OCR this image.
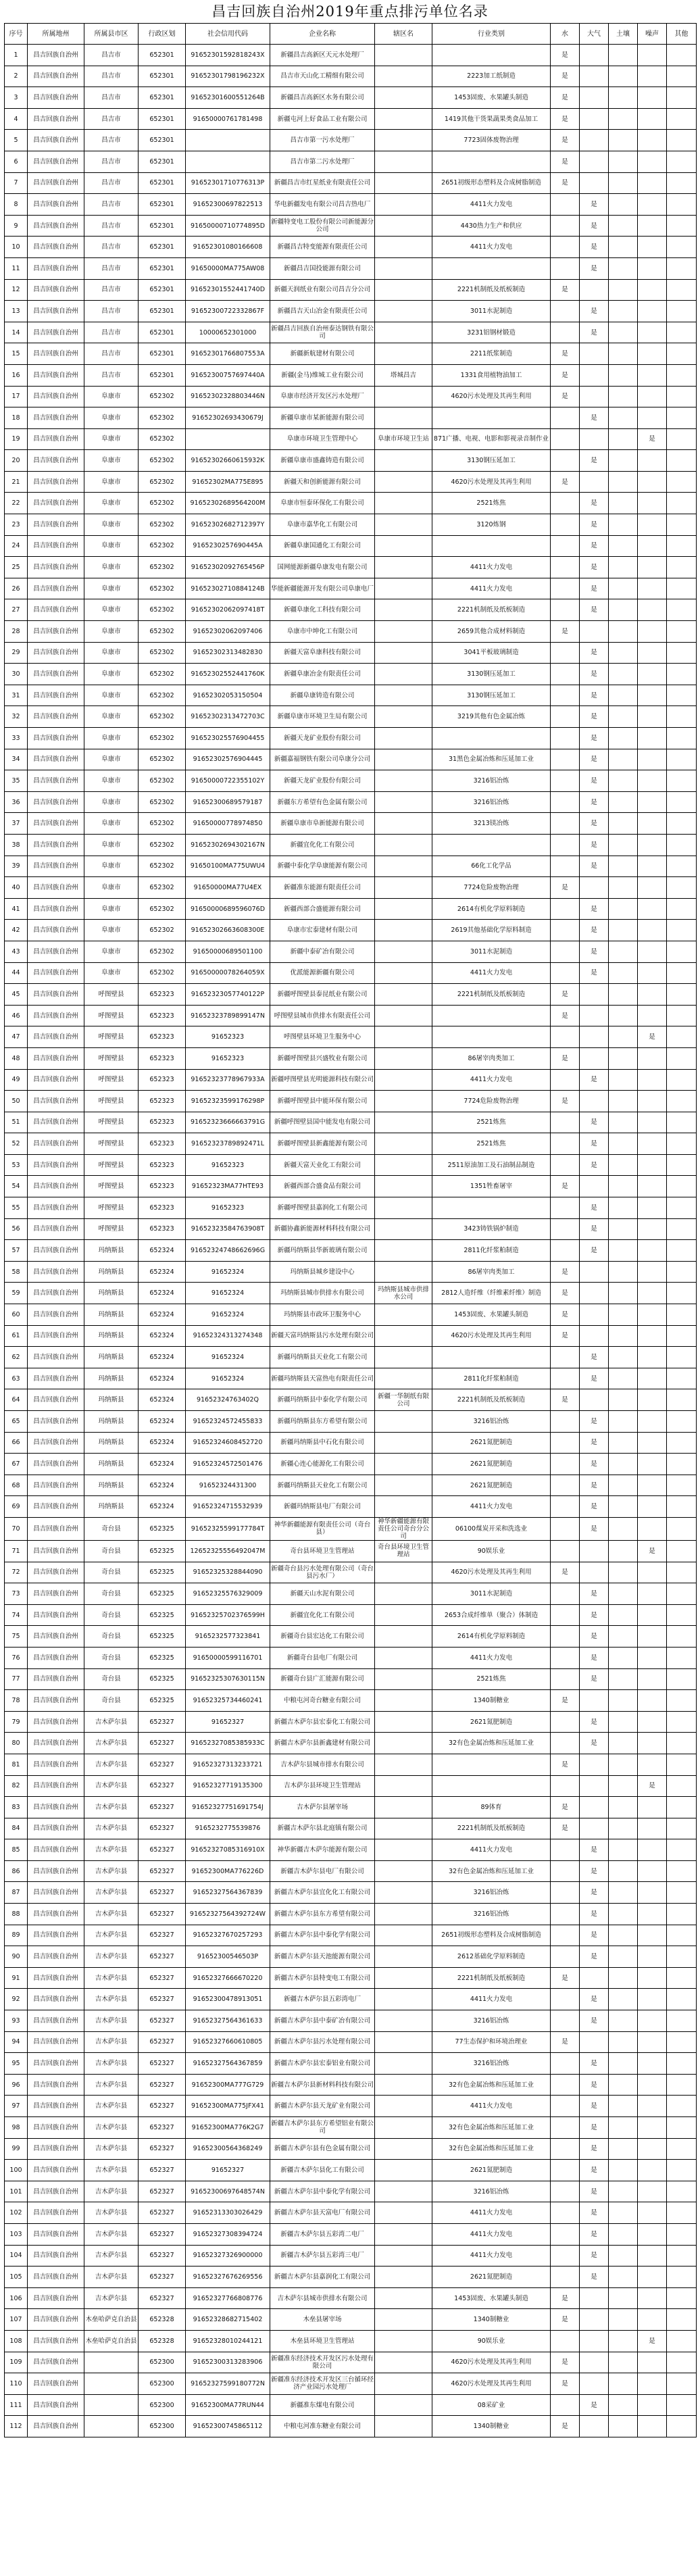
昌吉回族自治州2019年重点排污单位名录
序号	所属地州	所属县市区	行政区划	社会信用代码	企业名称	辖区名	行业类别	水	大气	土壤	噪声	其他
1	昌吉回族自治州	昌吉市	652301	91652301592818243X	新疆昌吉高新区天元水处理厂			是				
2	昌吉回族自治州	昌吉市	652301	91652301798196232X	昌吉市天山化工精细有限公司		2223加工纸制造	是				
3	昌吉回族自治州	昌吉市	652301	91652301600551264B	新疆昌吉高新区水务有限公司		1453固废、水果罐头制造	是				
4	昌吉回族自治州	昌吉市	652301	91650000761781498	新疆屯河上好食品工业有限公司		1419其他干货果蔬果类食品加工	是				
5	昌吉回族自治州	昌吉市	652301		昌吉市第一污水处理厂		7723固体废物治理	是				
6	昌吉回族自治州	昌吉市	652301		昌吉市第二污水处理厂			是				
7	昌吉回族自治州	昌吉市	652301	91652301710776313P	新疆昌吉市红星纸业有限责任公司		2651初级形态塑料及合成树脂制造	是				
8	昌吉回族自治州	昌吉市	652301	91652300697822513	华电新疆发电有限公司昌吉热电厂		4411火力发电		是			
9	昌吉回族自治州	昌吉市	652301	91650000710774895D	新疆特变电工股份有限公司新能源分公司		4430热力生产和供应		是			
10	昌吉回族自治州	昌吉市	652301	91652301080166608	新疆昌吉特变能源有限责任公司		4411火力发电		是			
11	昌吉回族自治州	昌吉市	652301	91650000MA775AW08	新疆昌吉国投能源有限公司				是			
12	昌吉回族自治州	昌吉市	652301	91652301552441740D	新疆天润纸业有限公司昌吉分公司		2221机制纸及纸板制造	是				
13	昌吉回族自治州	昌吉市	652301	91652300722332867F	新疆昌吉天山冶金有限责任公司		3011水泥制造		是			
14	昌吉回族自治州	昌吉市	652301	10000652301000	新疆昌吉回族自治州泰达钢铁有限公司		3231铝钢材锻造		是			
15	昌吉回族自治州	昌吉市	652301	91652301766807553A	新疆新航建材有限公司		2211纸浆制造	是				
16	昌吉回族自治州	昌吉市	652301	91652300757697440A	新疆(金马)维城工业有限公司	塔城昌吉	1331食用植物油加工	是				
17	昌吉回族自治州	阜康市	652302	91652302328803446N	阜康市经济开发区污水处理厂		4620污水处理及其再生利用	是				
18	昌吉回族自治州	阜康市	652302	91652302693430679J	新疆阜康市某新能源有限公司				是			
19	昌吉回族自治州	阜康市	652302		阜康市环境卫生管理中心	阜康市环境卫生站	871广播、电视、电影和影视录音制作业				是	
20	昌吉回族自治州	阜康市	652302	91652302660615932K	新疆阜康市盛鑫铸造有限公司		3130钢压延加工		是			
21	昌吉回族自治州	阜康市	652302	91652302MA775E895	新疆天和创新能源有限公司		4620污水处理及其再生利用	是				
22	昌吉回族自治州	阜康市	652302	91652302689564200M	阜康市恒泰环保化工有限公司		2521炼焦		是			
23	昌吉回族自治州	阜康市	652302	91652302682712397Y	阜康市嘉华化工有限公司		3120炼钢		是			
24	昌吉回族自治州	阜康市	652302	9165230257690445A	新疆阜康国通化工有限公司				是			
25	昌吉回族自治州	阜康市	652302	91652302092765456P	国网能源新疆阜康发电有限公司		4411火力发电		是			
26	昌吉回族自治州	阜康市	652302	91652302710884124B	华能新疆能源开发有限公司阜康电厂		4411火力发电		是			
27	昌吉回族自治州	阜康市	652302	91652302062097418T	新疆阜康化工科技有限公司		2221机制纸及纸板制造		是			
28	昌吉回族自治州	阜康市	652302	91652302062097406	阜康市中坤化工有限公司		2659其他合成材料制造	是				
29	昌吉回族自治州	阜康市	652302	91652302313482830	新疆天富阜康科技有限公司		3041平板玻璃制造		是			
30	昌吉回族自治州	阜康市	652302	91652302552441760K	新疆阜康冶金有限责任公司		3130钢压延加工		是			
31	昌吉回族自治州	阜康市	652302	91652302053150504	新疆阜康铸造有限公司		3130钢压延加工		是			
32	昌吉回族自治州	阜康市	652302	91652302313472703C	新疆阜康市环境卫生局有限公司		3219其他有色金属冶炼		是			
33	昌吉回族自治州	阜康市	652302	916523025576904455	新疆天龙矿业股份有限公司				是			
34	昌吉回族自治州	阜康市	652302	91652302576904445	新疆嘉福钢铁有限公司阜康分公司		31黑色金属冶炼和压延加工业		是			
35	昌吉回族自治州	阜康市	652302	91650000722355102Y	新疆天龙矿业股份有限公司		3216铝冶炼		是			
36	昌吉回族自治州	阜康市	652302	91652300689579187	新疆东方希望有色金属有限公司		3216铝冶炼		是			
37	昌吉回族自治州	阜康市	652302	91650000778974850	新疆阜康市阜新能源有限公司		3213镁冶炼		是			
38	昌吉回族自治州	阜康市	652302	91652302694302167N	新疆宜化化工有限公司				是			
39	昌吉回族自治州	阜康市	652302	91650100MA775UWU4	新疆中泰化学阜康能源有限公司		66化工化学品		是			
40	昌吉回族自治州	阜康市	652302	91650000MA77U4EX	新疆准东能源有限责任公司		7724危险废物治理	是				
41	昌吉回族自治州	阜康市	652302	91650000689596076D	新疆西部合盛能源有限公司		2614有机化学原料制造		是			
42	昌吉回族自治州	阜康市	652302	91652302663608300E	阜康市宏泰建材有限公司		2619其他基础化学原料制造		是			
43	昌吉回族自治州	阜康市	652302	91650000689501100	新疆中泰矿冶有限公司		3011水泥制造		是			
44	昌吉回族自治州	阜康市	652302	91650000078264059X	优派能源新疆有限公司		4411火力发电		是			
45	昌吉回族自治州	呼图壁县	652323	91652323057740122P	新疆呼图壁县泰昆纸业有限公司		2221机制纸及纸板制造	是				
46	昌吉回族自治州	呼图壁县	652323	91652323789899147N	呼图壁县城市供排水有限责任公司			是				
47	昌吉回族自治州	呼图壁县	652323	91652323	呼图壁县环境卫生服务中心						是	
48	昌吉回族自治州	呼图壁县	652323	91652323	新疆呼图壁县兴盛牧业有限公司		86屠宰肉类加工	是				
49	昌吉回族自治州	呼图壁县	652323	91652323778967933A	新疆呼图壁县光明能源科技有限公司		4411火力发电		是			
50	昌吉回族自治州	呼图壁县	652323	91652323599176298P	新疆呼图壁县中能环保有限公司		7724危险废物治理	是				
51	昌吉回族自治州	呼图壁县	652323	91652323666663791G	新疆呼图壁县国中能发电有限公司		2521炼焦		是			
52	昌吉回族自治州	呼图壁县	652323	91652323789892471L	新疆呼图壁县新鑫能源有限公司		2521炼焦		是			
53	昌吉回族自治州	呼图壁县	652323	91652323	新疆天富天业化工有限公司		2511原油加工及石油制品制造		是			
54	昌吉回族自治州	呼图壁县	652323	91652323MA77HTE93	新疆西部合盛食品有限公司		1351牲畜屠宰	是				
55	昌吉回族自治州	呼图壁县	652323	91652323	新疆呼图壁县嘉润化工有限公司				是			
56	昌吉回族自治州	呼图壁县	652323	91652323584763908T	新疆协鑫新能源材料科技有限公司		3423铸铁锅炉制造		是			
57	昌吉回族自治州	玛纳斯县	652324	91652324748662696G	新疆玛纳斯县华新玻璃有限公司		2811化纤浆粕制造		是			
58	昌吉回族自治州	玛纳斯县	652324	91652324	玛纳斯县城乡建设中心		86屠宰肉类加工	是				
59	昌吉回族自治州	玛纳斯县	652324	91652324	玛纳斯县城市供排水有限公司	玛纳斯县城市供排水公司	2812人造纤维（纤维素纤维）制造	是				
60	昌吉回族自治州	玛纳斯县	652324	91652324	玛纳斯县市政环卫服务中心		1453固废、水果罐头制造	是				
61	昌吉回族自治州	玛纳斯县	652324	91652324313274348	新疆天富玛纳斯县污水处理有限公司		4620污水处理及其再生利用	是				
62	昌吉回族自治州	玛纳斯县	652324	91652324	新疆玛纳斯县天业化工有限公司				是			
63	昌吉回族自治州	玛纳斯县	652324	91652324	新疆玛纳斯县天富热电有限责任公司		2811化纤浆粕制造		是			
64	昌吉回族自治州	玛纳斯县	652324	91652324763402Q	新疆玛纳斯县中泰化学有限公司	新疆一华制纸有限公司	2221机制纸及纸板制造	是				
65	昌吉回族自治州	玛纳斯县	652324	91652324572455833	新疆玛纳斯县东方希望有限公司		3216铝冶炼		是			
66	昌吉回族自治州	玛纳斯县	652324	91652324608452720	新疆玛纳斯县中石化有限公司		2621氮肥制造		是			
67	昌吉回族自治州	玛纳斯县	652324	91652324572501476	新疆心连心能源化工有限公司		2621氮肥制造		是			
68	昌吉回族自治州	玛纳斯县	652324	91652324431300	新疆玛纳斯县天业化工有限公司		2621氮肥制造		是			
69	昌吉回族自治州	玛纳斯县	652324	91652324715532939	新疆玛纳斯县电厂有限公司		4411火力发电		是			
70	昌吉回族自治州	奇台县	652325	91652325599177784T	神华新疆能源有限责任公司（奇台县）	神华新疆能源有限责任公司奇台分公司	06100煤炭开采和洗选业		是			
71	昌吉回族自治州	奇台县	652325	12652325556492047M	奇台县环境卫生管理站	奇台县环境卫生管理站	90娱乐业				是	
72	昌吉回族自治州	奇台县	652325	91652325328844090	新疆奇台县污水处理有限公司（奇台县污水厂）		4620污水处理及其再生利用	是				
73	昌吉回族自治州	奇台县	652325	91652325576329009	新疆天山水泥有限公司		3011水泥制造		是			
74	昌吉回族自治州	奇台县	652325	91652325702376599H	新疆宜化化工有限公司		2653合成纤维单（聚合）体制造		是			
75	昌吉回族自治州	奇台县	652325	9165232577323841	新疆奇台县宏达化工有限公司		2614有机化学原料制造		是			
76	昌吉回族自治州	奇台县	652325	91650000599116701	新疆奇台县电厂有限公司		4411火力发电		是			
77	昌吉回族自治州	奇台县	652325	91652325307630115N	新疆奇台县广汇能源有限公司		2521炼焦		是			
78	昌吉回族自治州	奇台县	652325	91652325734460241	中粮屯河奇台糖业有限公司		1340制糖业	是				
79	昌吉回族自治州	吉木萨尔县	652327	91652327	新疆吉木萨尔县宏泰化工有限公司		2621氮肥制造		是			
80	昌吉回族自治州	吉木萨尔县	652327	91652327085385933C	新疆吉木萨尔县新鑫建材有限公司		32有色金属冶炼和压延加工业		是			
81	昌吉回族自治州	吉木萨尔县	652327	91652327313233721	吉木萨尔县城市排水有限公司			是				
82	昌吉回族自治州	吉木萨尔县	652327	91652327719135300	吉木萨尔县环境卫生管理站						是	
83	昌吉回族自治州	吉木萨尔县	652327	91652327751691754J	吉木萨尔县屠宰场		89体育	是				
84	昌吉回族自治州	吉木萨尔县	652327	9165232775539876	新疆吉木萨尔县北庭镇有限公司		2221机制纸及纸板制造	是				
85	昌吉回族自治州	吉木萨尔县	652327	91652327085316910X	神华新疆吉木萨尔能源有限公司		4411火力发电		是			
86	昌吉回族自治州	吉木萨尔县	652327	91652300MA776226D	新疆吉木萨尔县电厂有限公司		32有色金属冶炼和压延加工业		是			
87	昌吉回族自治州	吉木萨尔县	652327	91652327564367839	新疆吉木萨尔县宜化化工有限公司		3216铝冶炼		是			
88	昌吉回族自治州	吉木萨尔县	652327	91652327564392724W	新疆吉木萨尔县东方希望有限公司		3216铝冶炼		是			
89	昌吉回族自治州	吉木萨尔县	652327	91652327670257293	新疆吉木萨尔县中泰化学有限公司		2651初级形态塑料及合成树脂制造		是			
90	昌吉回族自治州	吉木萨尔县	652327	91652300546503P	新疆吉木萨尔县天池能源有限公司		2612基础化学原料制造		是			
91	昌吉回族自治州	吉木萨尔县	652327	91652327666670220	新疆吉木萨尔县特变电工有限公司		2221机制纸及纸板制造	是				
92	昌吉回族自治州	吉木萨尔县	652327	91652300478913051	新疆吉木萨尔县五彩湾电厂		4411火力发电		是			
93	昌吉回族自治州	吉木萨尔县	652327	91652327564361633	新疆吉木萨尔县中泰矿冶有限公司		3216铝冶炼		是			
94	昌吉回族自治州	吉木萨尔县	652327	91652327660610805	新疆吉木萨尔县污水处理有限公司		77生态保护和环境治理业	是				
95	昌吉回族自治州	吉木萨尔县	652327	91652327564367859	新疆吉木萨尔县宏泰铝业有限公司		3216铝冶炼		是			
96	昌吉回族自治州	吉木萨尔县	652327	91652300MA777G729	新疆吉木萨尔县新材料科技有限公司		32有色金属冶炼和压延加工业		是			
97	昌吉回族自治州	吉木萨尔县	652327	91652300MA775JFX41	新疆吉木萨尔县天龙矿业有限公司		4411火力发电		是			
98	昌吉回族自治州	吉木萨尔县	652327	91652300MA776K2G7	新疆吉木萨尔县东方希望铝业有限公司		32有色金属冶炼和压延加工业		是			
99	昌吉回族自治州	吉木萨尔县	652327	91652300564368249	新疆吉木萨尔县有色金属有限公司		32有色金属冶炼和压延加工业		是			
100	昌吉回族自治州	吉木萨尔县	652327	91652327	新疆吉木萨尔县化工有限公司		2621氮肥制造		是			
101	昌吉回族自治州	吉木萨尔县	652327	91652300697648574N	新疆吉木萨尔县中泰化学有限公司		3216铝冶炼		是			
102	昌吉回族自治州	吉木萨尔县	652327	91652313303026429	新疆吉木萨尔县天富电厂有限公司		4411火力发电		是			
103	昌吉回族自治州	吉木萨尔县	652327	91652327308394724	新疆吉木萨尔县五彩湾二电厂		4411火力发电		是			
104	昌吉回族自治州	吉木萨尔县	652327	91652327326900000	新疆吉木萨尔县五彩湾三电厂		4411火力发电		是			
105	昌吉回族自治州	吉木萨尔县	652327	91652327676269556	新疆吉木萨尔县嘉润化工有限公司		2621氮肥制造		是			
106	昌吉回族自治州	吉木萨尔县	652327	91652327766808776	吉木萨尔县城市供排水有限公司		1453固废、水果罐头制造	是				
107	昌吉回族自治州	木垒哈萨克自治县	652328	91652328682715402	木垒县屠宰场		1340制糖业	是				
108	昌吉回族自治州	木垒哈萨克自治县	652328	91652328010244121	木垒县环境卫生管理站		90娱乐业				是	
109	昌吉回族自治州		652300	91652300313283906	新疆准东经济技术开发区污水处理有限公司		4620污水处理及其再生利用	是				
110	昌吉回族自治州		652300	91652327599180772N	新疆准东经济技术开发区三台循环经济产业园污水处理厂		4620污水处理及其再生利用	是				
111	昌吉回族自治州		652300	91652300MA77RUN44	新疆准东煤电有限公司		08采矿业		是			
112	昌吉回族自治州		652300	91652300745865112	中粮屯河准东糖业有限公司		1340制糖业	是				
